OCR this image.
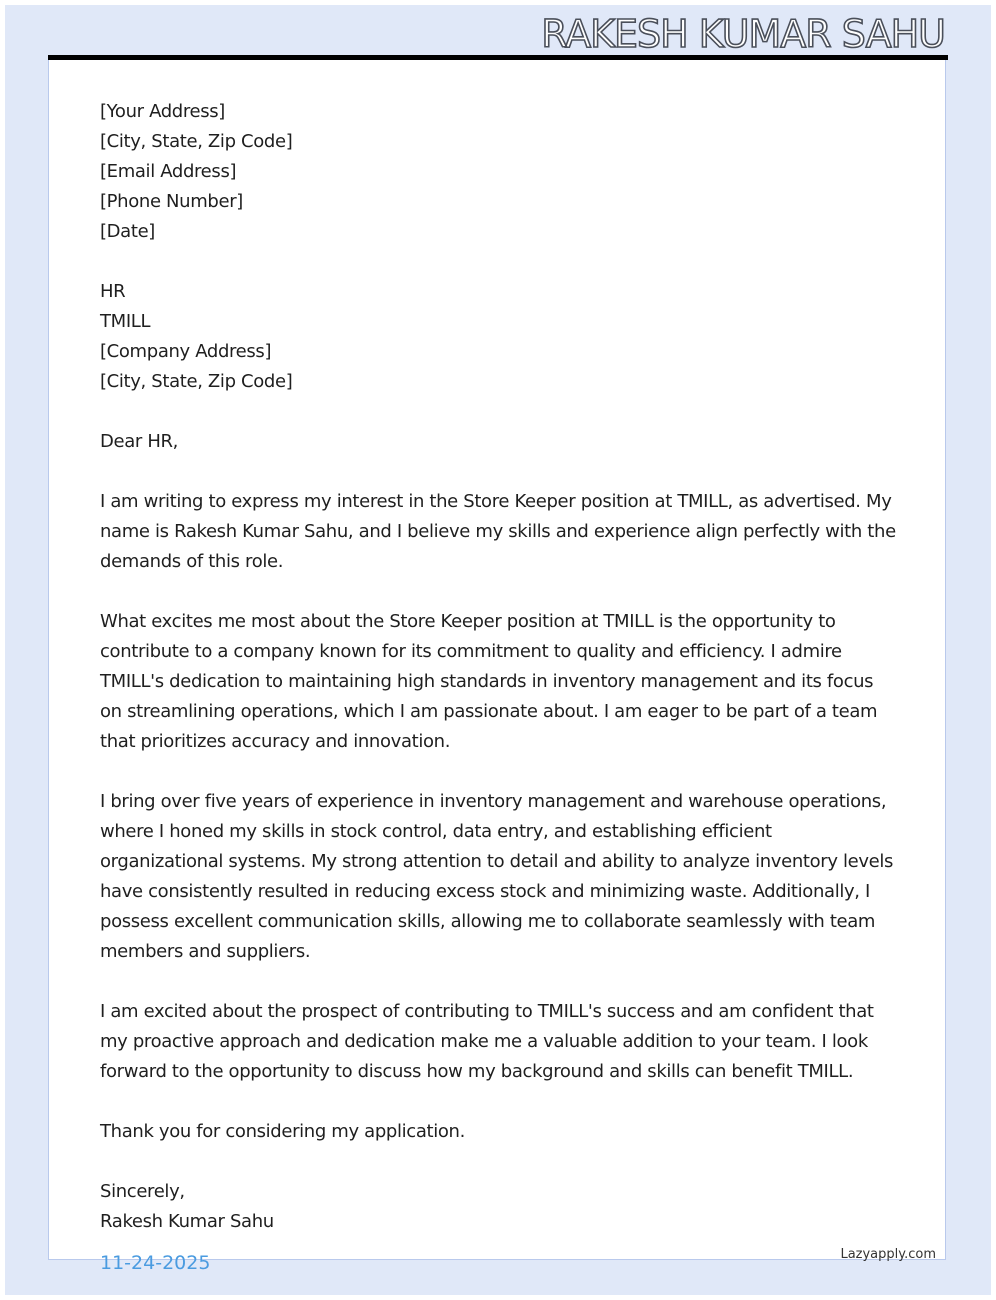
RAKESH KUMAR SAHU
[Your Address]
[City, State, Zip Code]
[Email Address]
[Phone Number]
[Date]
HR
TMILL
[Company Address]
[City, State, Zip Code]
Dear HR,

I am writing to express my interest in the Store Keeper position at TMILL, as advertised. My name is Rakesh Kumar Sahu, and I believe my skills and experience align perfectly with the demands of this role.

What excites me most about the Store Keeper position at TMILL is the opportunity to contribute to a company known for its commitment to quality and efficiency. I admire TMILL's dedication to maintaining high standards in inventory management and its focus on streamlining operations, which I am passionate about. I am eager to be part of a team that prioritizes accuracy and innovation.

I bring over five years of experience in inventory management and warehouse operations, where I honed my skills in stock control, data entry, and establishing efficient organizational systems. My strong attention to detail and ability to analyze inventory levels have consistently resulted in reducing excess stock and minimizing waste. Additionally, I possess excellent communication skills, allowing me to collaborate seamlessly with team members and suppliers.

I am excited about the prospect of contributing to TMILL's success and am confident that my proactive approach and dedication make me a valuable addition to your team. I look forward to the opportunity to discuss how my background and skills can benefit TMILL.

Thank you for considering my application.

Sincerely,
Rakesh Kumar Sahu
11-24-2025	Lazyapply.com
